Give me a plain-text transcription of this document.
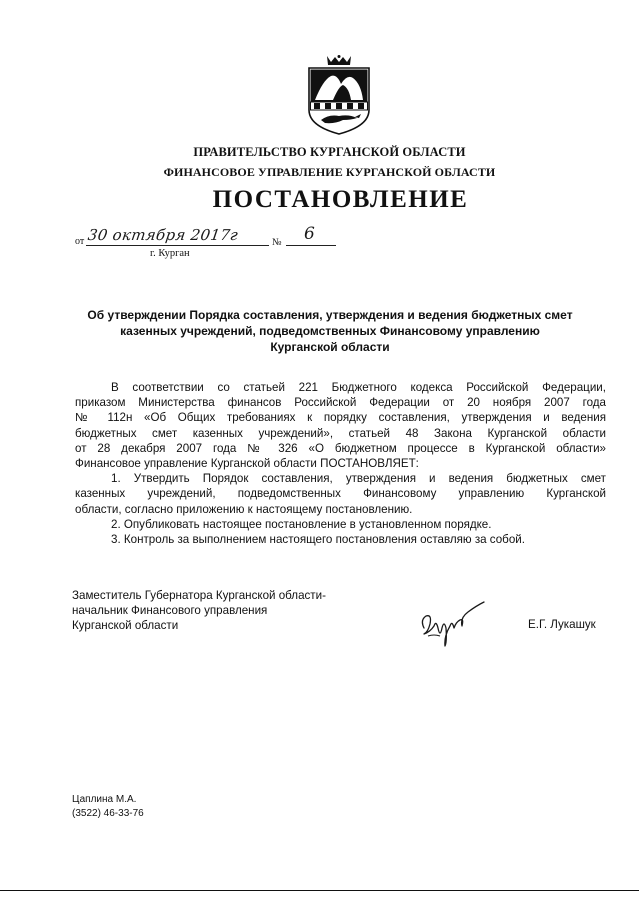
ПРАВИТЕЛЬСТВО КУРГАНСКОЙ ОБЛАСТИ
ФИНАНСОВОЕ УПРАВЛЕНИЕ КУРГАНСКОЙ ОБЛАСТИ
ПОСТАНОВЛЕНИЕ
от 30 октября 2017г	№ 6
г. Курган
Об утверждении Порядка составления, утверждения и ведения бюджетных смет
казенных учреждений, подведомственных Финансовому управлению
Курганской области

В соответствии со статьей 221 Бюджетного кодекса Российской Федерации,
приказом Министерства финансов Российской Федерации от 20 ноября 2007 года
№ 112н «Об Общих требованиях к порядку составления, утверждения и ведения
бюджетных смет казенных учреждений», статьей 48 Закона Курганской области
от 28 декабря 2007 года № 326 «О бюджетном процессе в Курганской области»
Финансовое управление Курганской области ПОСТАНОВЛЯЕТ:

1. Утвердить Порядок составления, утверждения и ведения бюджетных смет
казенных учреждений, подведомственных Финансовому управлению Курганской
области, согласно приложению к настоящему постановлению.

2. Опубликовать настоящее постановление в установленном порядке.

3. Контроль за выполнением настоящего постановления оставляю за собой.

Заместитель Губернатора Курганской области-
начальник Финансового управления
Курганской области	Е.Г. Лукашук
Цаплина М.А.
(3522) 46-33-76
